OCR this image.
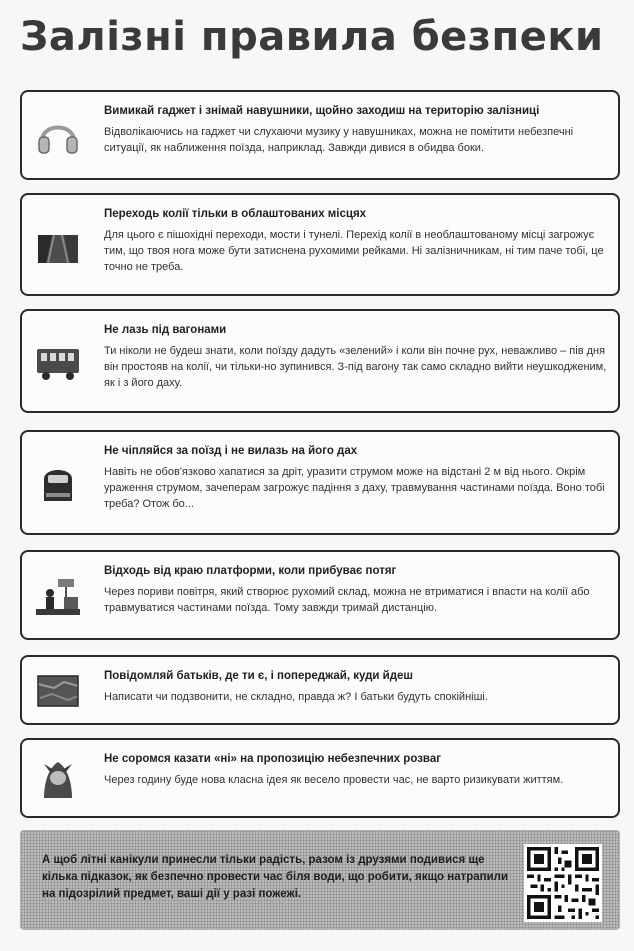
Залізні правила безпеки
Вимикай гаджет і знімай навушники, щойно заходиш на територію залізниці
Відволікаючись на гаджет чи слухаючи музику у навушниках, можна не помітити небезпечні ситуації, як наближення поїзда, наприклад. Завжди дивися в обидва боки.
Переходь колії тільки в облаштованих місцях
Для цього є пішохідні переходи, мости і тунелі. Перехід колії в необлаштованому місці загрожує тим, що твоя нога може бути затиснена рухомими рейками. Ні залізничникам, ні тим паче тобі, це точно не треба.
Не лазь під вагонами
Ти ніколи не будеш знати, коли поїзду дадуть «зелений» і коли він почне рух, неважливо – пів дня він простояв на колії, чи тільки-но зупинився. З-під вагону так само складно вийти неушкодженим, як і з його даху.
Не чіпляйся за поїзд і не вилазь на його дах
Навіть не обов'язково хапатися за дріт, уразити струмом може на відстані 2 м від нього. Окрім ураження струмом, зачеперам загрожує падіння з даху, травмування частинами поїзда. Воно тобі треба? Отож бо...
Відходь від краю платформи, коли прибуває потяг
Через пориви повітря, який створює рухомий склад, можна не втриматися і впасти на колії або травмуватися частинами поїзда. Тому завжди тримай дистанцію.
Повідомляй батьків, де ти є, і попереджай, куди йдеш
Написати чи подзвонити, не складно, правда ж? І батьки будуть спокійніші.
Не соромся казати «ні» на пропозицію небезпечних розваг
Через годину буде нова класна ідея як весело провести час, не варто ризикувати життям.
А щоб літні канікули принесли тільки радість, разом із друзями подивися ще кілька підказок, як безпечно провести час біля води, що робити, якщо натрапили на підозрілий предмет, ваші дії у разі пожежі.
